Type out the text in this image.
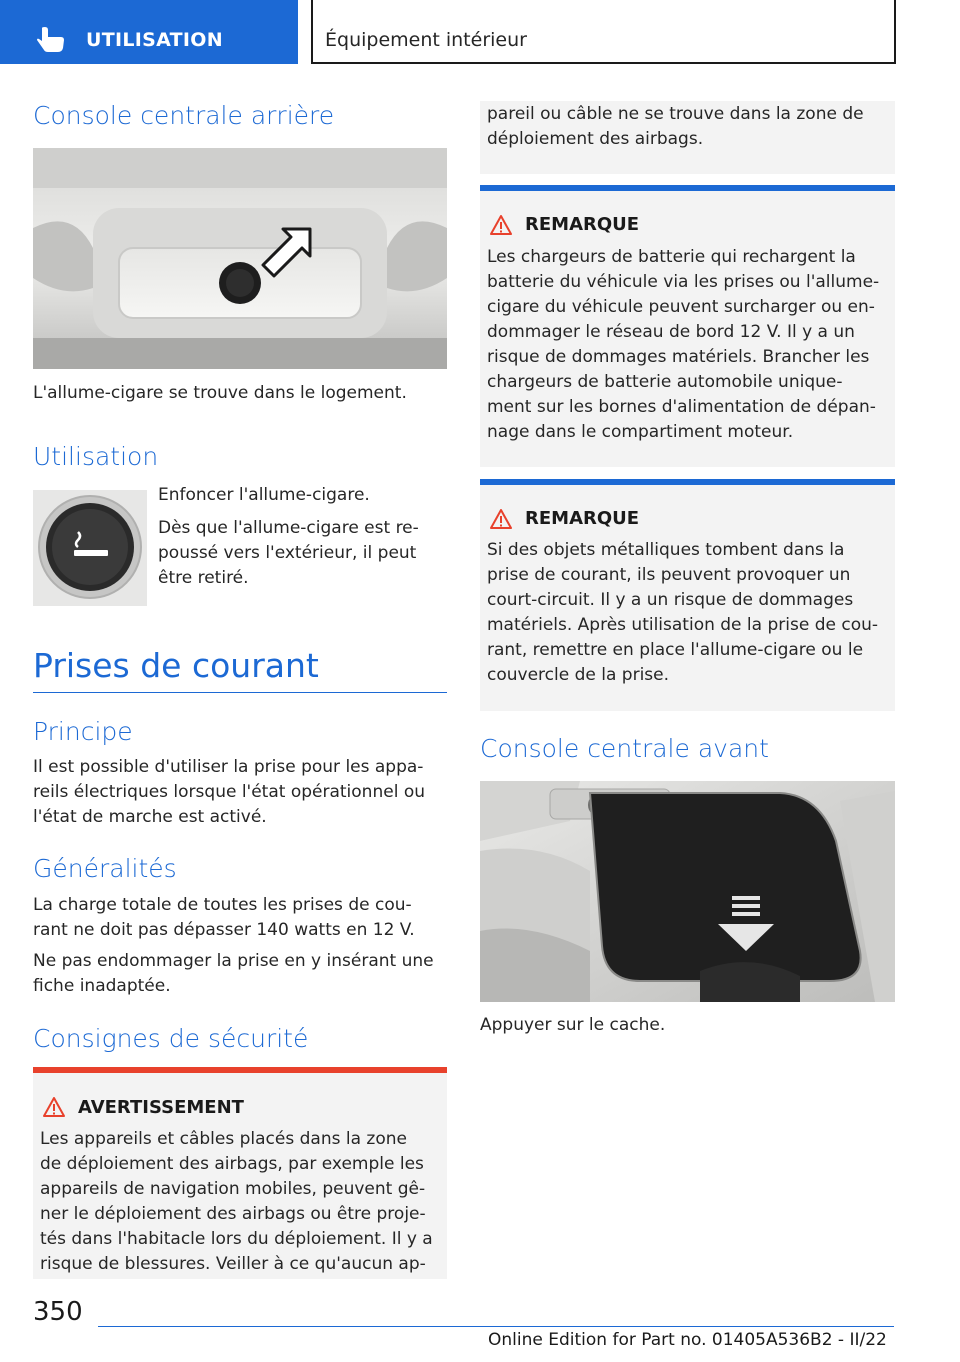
UTILISATION	Équipement intérieur
Console centrale arrière
L'allume-cigare se trouve dans le logement.
Utilisation
Enfoncer l'allume-cigare.
Dès que l'allume-cigare est re-
poussé vers l'extérieur, il peut
être retiré.
Prises de courant
Principe
Il est possible d'utiliser la prise pour les appa-
reils électriques lorsque l'état opérationnel ou
l'état de marche est activé.
Généralités
La charge totale de toutes les prises de cou-
rant ne doit pas dépasser 140 watts en 12 V.
Ne pas endommager la prise en y insérant une
fiche inadaptée.
Consignes de sécurité
AVERTISSEMENT
Les appareils et câbles placés dans la zone
de déploiement des airbags, par exemple les
appareils de navigation mobiles, peuvent gê-
ner le déploiement des airbags ou être proje-
tés dans l'habitacle lors du déploiement. Il y a
risque de blessures. Veiller à ce qu'aucun ap-
pareil ou câble ne se trouve dans la zone de
déploiement des airbags.
REMARQUE
Les chargeurs de batterie qui rechargent la
batterie du véhicule via les prises ou l'allume-
cigare du véhicule peuvent surcharger ou en-
dommager le réseau de bord 12 V. Il y a un
risque de dommages matériels. Brancher les
chargeurs de batterie automobile unique-
ment sur les bornes d'alimentation de dépan-
nage dans le compartiment moteur.
REMARQUE
Si des objets métalliques tombent dans la
prise de courant, ils peuvent provoquer un
court-circuit. Il y a un risque de dommages
matériels. Après utilisation de la prise de cou-
rant, remettre en place l'allume-cigare ou le
couvercle de la prise.
Console centrale avant
Appuyer sur le cache.
350
Online Edition for Part no. 01405A536B2 - II/22
